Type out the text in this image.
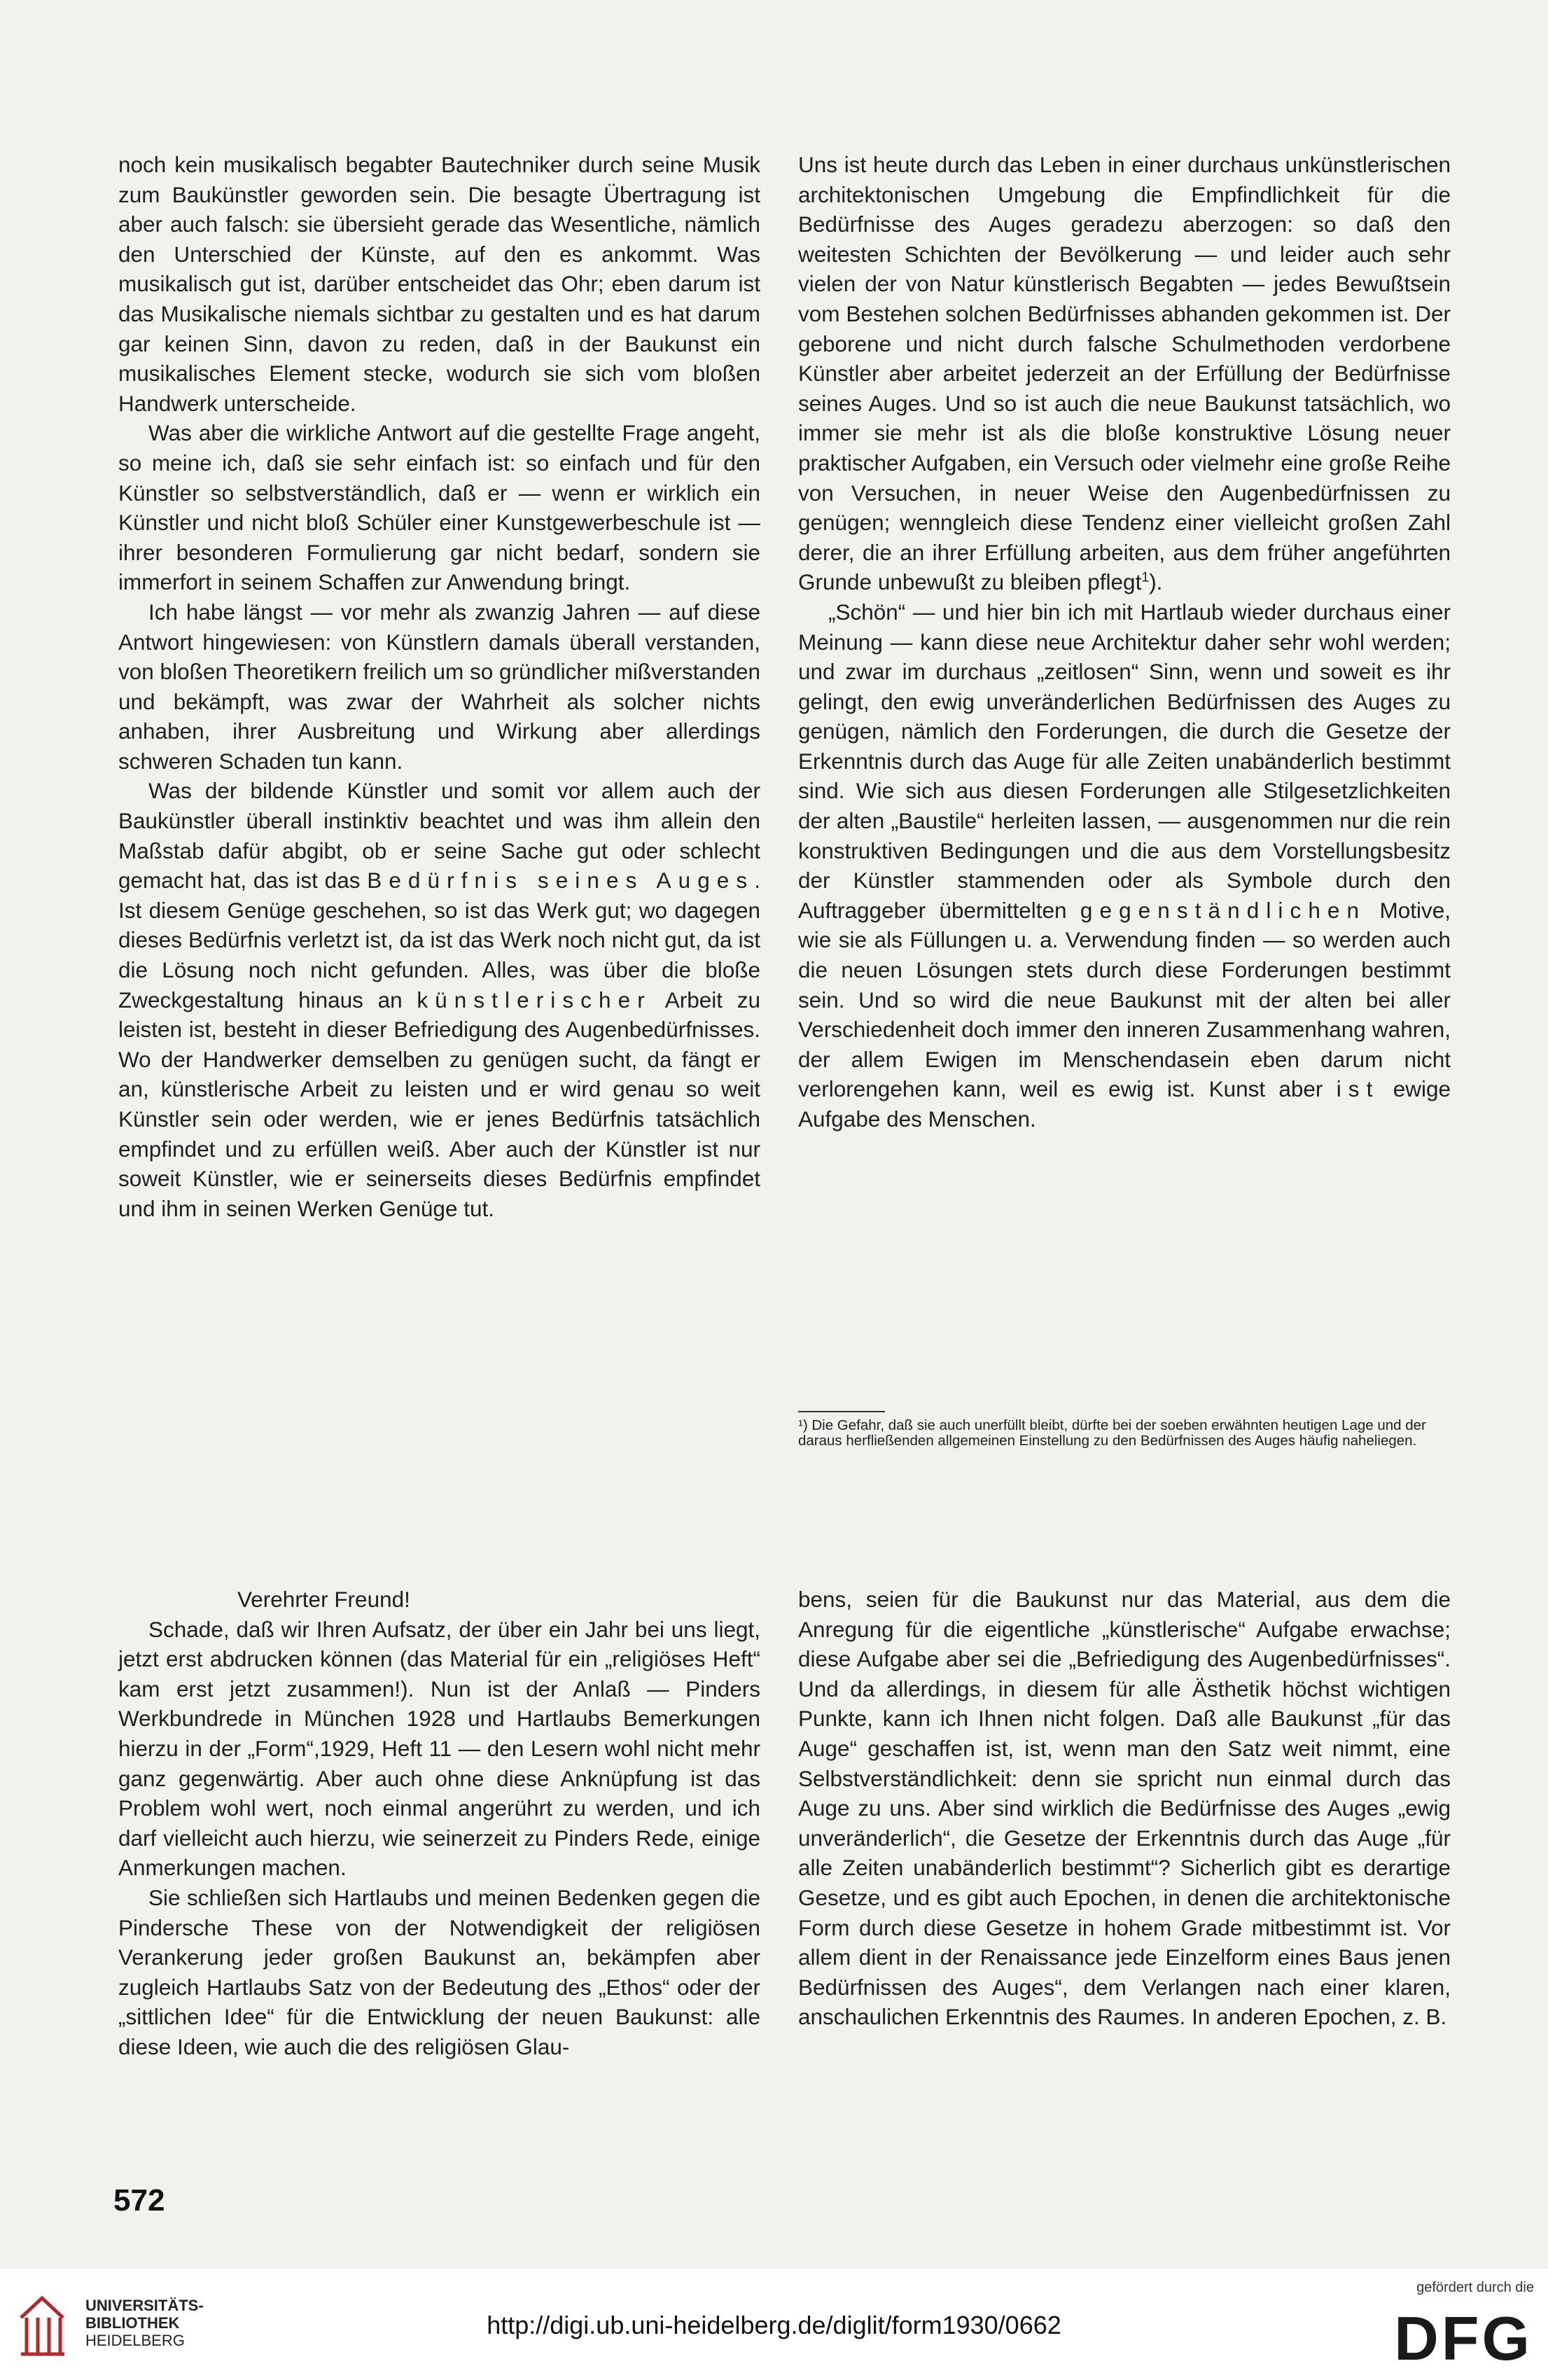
noch kein musikalisch begabter Bautechniker durch seine Musik zum Baukünstler geworden sein. Die besagte Übertragung ist aber auch falsch: sie übersieht gerade das Wesentliche, nämlich den Unterschied der Künste, auf den es ankommt. Was musikalisch gut ist, darüber entscheidet das Ohr; eben darum ist das Musikalische niemals sichtbar zu gestalten und es hat darum gar keinen Sinn, davon zu reden, daß in der Baukunst ein musikalisches Element stecke, wodurch sie sich vom bloßen Handwerk unterscheide.

Was aber die wirkliche Antwort auf die gestellte Frage angeht, so meine ich, daß sie sehr einfach ist: so einfach und für den Künstler so selbstverständlich, daß er — wenn er wirklich ein Künstler und nicht bloß Schüler einer Kunstgewerbeschule ist — ihrer besonderen Formulierung gar nicht bedarf, sondern sie immerfort in seinem Schaffen zur Anwendung bringt.

Ich habe längst — vor mehr als zwanzig Jahren — auf diese Antwort hingewiesen: von Künstlern damals überall verstanden, von bloßen Theoretikern freilich um so gründlicher mißverstanden und bekämpft, was zwar der Wahrheit als solcher nichts anhaben, ihrer Ausbreitung und Wirkung aber allerdings schweren Schaden tun kann.

Was der bildende Künstler und somit vor allem auch der Baukünstler überall instinktiv beachtet und was ihm allein den Maßstab dafür abgibt, ob er seine Sache gut oder schlecht gemacht hat, das ist das Bedürfnis seines Auges. Ist diesem Genüge geschehen, so ist das Werk gut; wo dagegen dieses Bedürfnis verletzt ist, da ist das Werk noch nicht gut, da ist die Lösung noch nicht gefunden. Alles, was über die bloße Zweckgestaltung hinaus an künstlerischer Arbeit zu leisten ist, besteht in dieser Befriedigung des Augenbedürfnisses. Wo der Handwerker demselben zu genügen sucht, da fängt er an, künstlerische Arbeit zu leisten und er wird genau so weit Künstler sein oder werden, wie er jenes Bedürfnis tatsächlich empfindet und zu erfüllen weiß. Aber auch der Künstler ist nur soweit Künstler, wie er seinerseits dieses Bedürfnis empfindet und ihm in seinen Werken Genüge tut.

Uns ist heute durch das Leben in einer durchaus unkünstlerischen architektonischen Umgebung die Empfindlichkeit für die Bedürfnisse des Auges geradezu aberzogen: so daß den weitesten Schichten der Bevölkerung — und leider auch sehr vielen der von Natur künstlerisch Begabten — jedes Bewußtsein vom Bestehen solchen Bedürfnisses abhanden gekommen ist. Der geborene und nicht durch falsche Schulmethoden verdorbene Künstler aber arbeitet jederzeit an der Erfüllung der Bedürfnisse seines Auges. Und so ist auch die neue Baukunst tatsächlich, wo immer sie mehr ist als die bloße konstruktive Lösung neuer praktischer Aufgaben, ein Versuch oder vielmehr eine große Reihe von Versuchen, in neuer Weise den Augenbedürfnissen zu genügen; wenngleich diese Tendenz einer vielleicht großen Zahl derer, die an ihrer Erfüllung arbeiten, aus dem früher angeführten Grunde unbewußt zu bleiben pflegt$^1$).

„Schön“ — und hier bin ich mit Hartlaub wieder durchaus einer Meinung — kann diese neue Architektur daher sehr wohl werden; und zwar im durchaus „zeitlosen“ Sinn, wenn und soweit es ihr gelingt, den ewig unveränderlichen Bedürfnissen des Auges zu genügen, nämlich den Forderungen, die durch die Gesetze der Erkenntnis durch das Auge für alle Zeiten unabänderlich bestimmt sind. Wie sich aus diesen Forderungen alle Stilgesetzlichkeiten der alten „Baustile“ herleiten lassen, — ausgenommen nur die rein konstruktiven Bedingungen und die aus dem Vorstellungsbesitz der Künstler stammenden oder als Symbole durch den Auftraggeber übermittelten gegenständlichen Motive, wie sie als Füllungen u. a. Verwendung finden — so werden auch die neuen Lösungen stets durch diese Forderungen bestimmt sein. Und so wird die neue Baukunst mit der alten bei aller Verschiedenheit doch immer den inneren Zusammenhang wahren, der allem Ewigen im Menschendasein eben darum nicht verlorengehen kann, weil es ewig ist. Kunst aber ist ewige Aufgabe des Menschen.

¹) Die Gefahr, daß sie auch unerfüllt bleibt, dürfte bei der soeben erwähnten heutigen Lage und der daraus herfließenden allgemeinen Einstellung zu den Bedürfnissen des Auges häufig naheliegen.

Verehrter Freund!

Schade, daß wir Ihren Aufsatz, der über ein Jahr bei uns liegt, jetzt erst abdrucken können (das Material für ein „religiöses Heft“ kam erst jetzt zusammen!). Nun ist der Anlaß — Pinders Werkbundrede in München 1928 und Hartlaubs Bemerkungen hierzu in der „Form“,1929, Heft 11 — den Lesern wohl nicht mehr ganz gegenwärtig. Aber auch ohne diese Anknüpfung ist das Problem wohl wert, noch einmal angerührt zu werden, und ich darf vielleicht auch hierzu, wie seinerzeit zu Pinders Rede, einige Anmerkungen machen.

Sie schließen sich Hartlaubs und meinen Bedenken gegen die Pindersche These von der Notwendigkeit der religiösen Verankerung jeder großen Baukunst an, bekämpfen aber zugleich Hartlaubs Satz von der Bedeutung des „Ethos“ oder der „sittlichen Idee“ für die Entwicklung der neuen Baukunst: alle diese Ideen, wie auch die des religiösen Glau-

bens, seien für die Baukunst nur das Material, aus dem die Anregung für die eigentliche „künstlerische“ Aufgabe erwachse; diese Aufgabe aber sei die „Befriedigung des Augenbedürfnisses“. Und da allerdings, in diesem für alle Ästhetik höchst wichtigen Punkte, kann ich Ihnen nicht folgen. Daß alle Baukunst „für das Auge“ geschaffen ist, ist, wenn man den Satz weit nimmt, eine Selbstverständlichkeit: denn sie spricht nun einmal durch das Auge zu uns. Aber sind wirklich die Bedürfnisse des Auges „ewig unveränderlich“, die Gesetze der Erkenntnis durch das Auge „für alle Zeiten unabänderlich bestimmt“? Sicherlich gibt es derartige Gesetze, und es gibt auch Epochen, in denen die architektonische Form durch diese Gesetze in hohem Grade mitbestimmt ist. Vor allem dient in der Renaissance jede Einzelform eines Baus jenen Bedürfnissen des Auges“, dem Verlangen nach einer klaren, anschaulichen Erkenntnis des Raumes. In anderen Epochen, z. B.

572
UNIVERSITÄTS-
BIBLIOTHEK
HEIDELBERG
http://digi.ub.uni-heidelberg.de/diglit/form1930/0662
gefördert durch die
DFG
